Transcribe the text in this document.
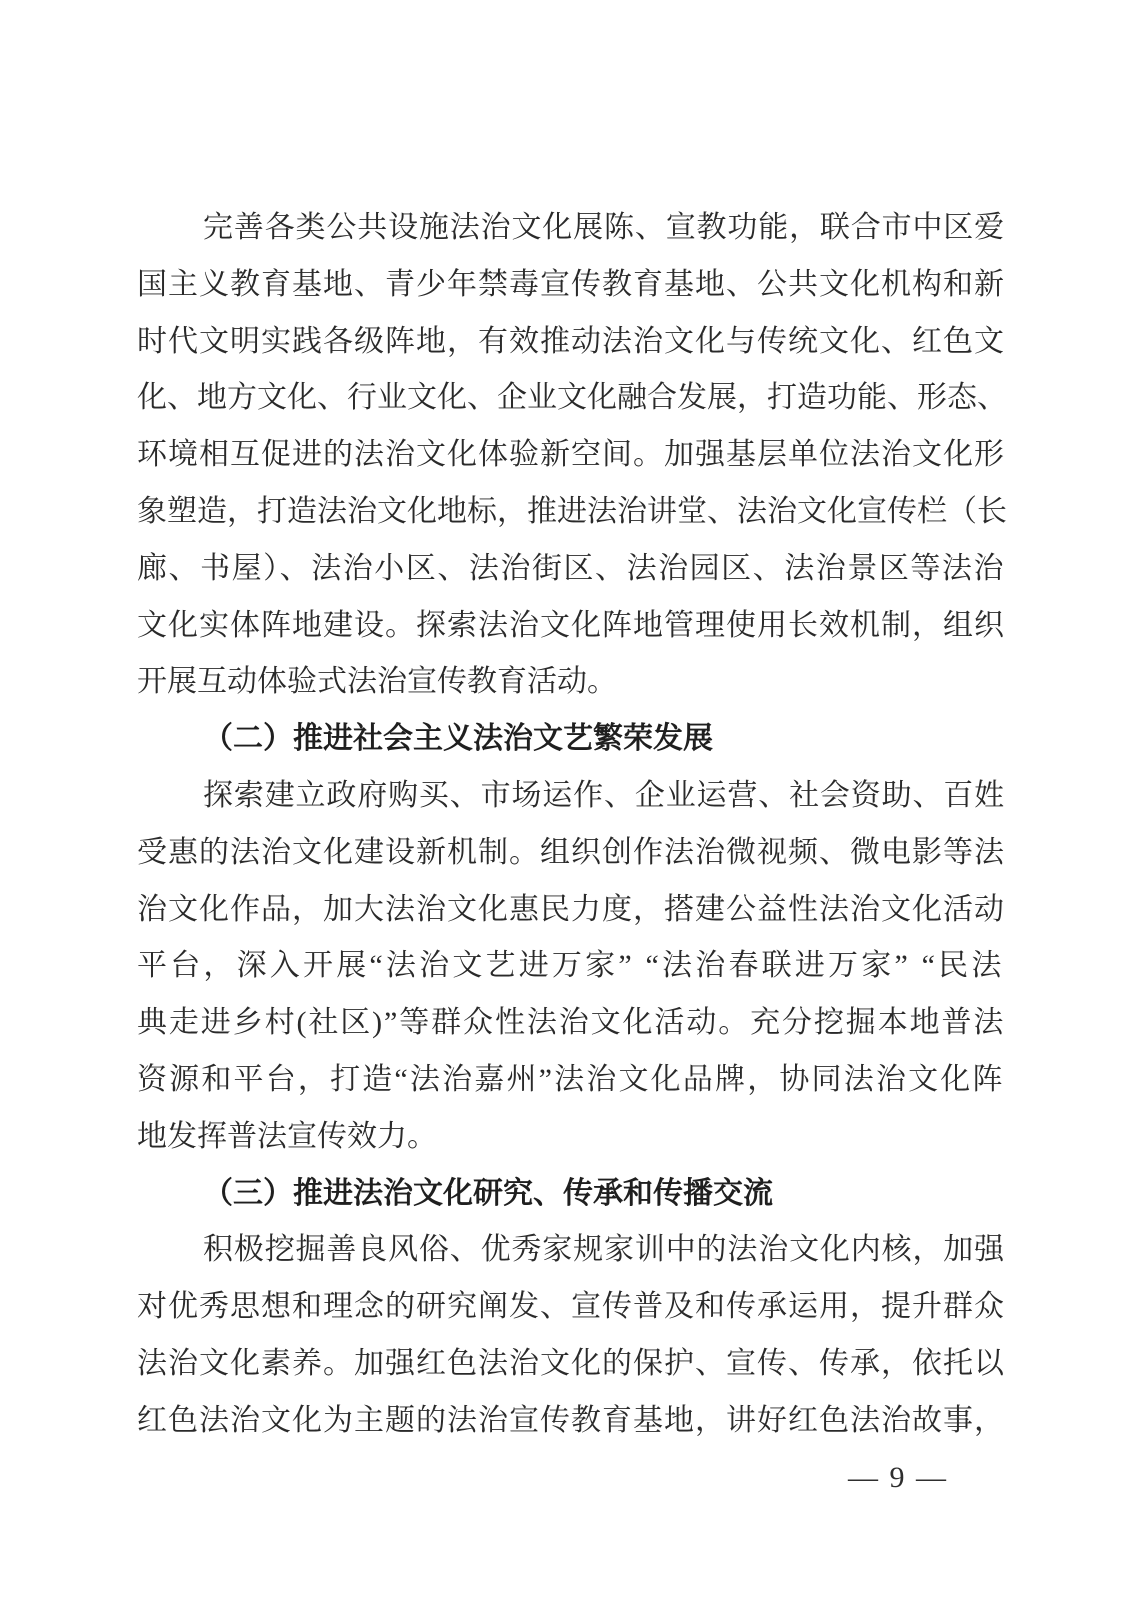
完善各类公共设施法治文化展陈、宣教功能，联合市中区爱
国主义教育基地、青少年禁毒宣传教育基地、公共文化机构和新
时代文明实践各级阵地，有效推动法治文化与传统文化、红色文
化、地方文化、行业文化、企业文化融合发展，打造功能、形态、
环境相互促进的法治文化体验新空间。加强基层单位法治文化形
象塑造，打造法治文化地标，推进法治讲堂、法治文化宣传栏（长
廊、书屋）、法治小区、法治街区、法治园区、法治景区等法治
文化实体阵地建设。探索法治文化阵地管理使用长效机制，组织
开展互动体验式法治宣传教育活动。
（二）推进社会主义法治文艺繁荣发展
探索建立政府购买、市场运作、企业运营、社会资助、百姓
受惠的法治文化建设新机制。组织创作法治微视频、微电影等法
治文化作品，加大法治文化惠民力度，搭建公益性法治文化活动
平台，深入开展“法治文艺进万家” “法治春联进万家” “民法
典走进乡村(社区)”等群众性法治文化活动。充分挖掘本地普法
资源和平台，打造“法治嘉州”法治文化品牌，协同法治文化阵
地发挥普法宣传效力。
（三）推进法治文化研究、传承和传播交流
积极挖掘善良风俗、优秀家规家训中的法治文化内核，加强
对优秀思想和理念的研究阐发、宣传普及和传承运用，提升群众
法治文化素养。加强红色法治文化的保护、宣传、传承，依托以
红色法治文化为主题的法治宣传教育基地，讲好红色法治故事，
— 9 —
